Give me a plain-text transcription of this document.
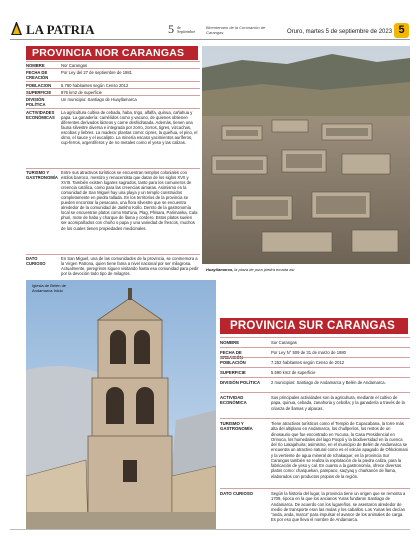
LA PATRIA	5 de Septiembre
Bicentenario de la Coronación de Carangas	Oruro, martes 5 de septiembre de 2023 5
PROVINCIA NOR CARANGAS
NOMBRE	Nor Carangas
FECHA DE CREACIÓN
Por Ley del 27 de septiembre de 1981
POBLACION	5.760 habitantes según Censo 2012
SUPERFICIE	876 km2 de superficie
DIVISIÓN POLÍTICA
Un municipio: Santiago de Huayllamarca
ACTIVIDADES ECONÓMICAS
La agricultura cultiva de cebada, haba, trigo, alfalfa, quinua, cañahua y papa. La ganadería: camélidos como y vacuno, de quienes obtienen diferentes derivados lácteos y carne deshidratada. Además, tienen una fauna silvestre diversa e integrada por zorro, zorros, tigres, vizcachas, escobas y liebres. La madera: plantas como: cipres, la queñua, el pino, el olmo, el sauce y el eucalipto. La minería escaso yacimientos auríferos, cup-ferros, argentíferos y de no metales como el yeso y las calizas.
TURISMO Y GASTRONOMÍA
Entre sus atractivos turísticos se encuentran templos coloniales con estilos barroco, mestizo y renacentista que datan de los siglos XVII y XVIII. También existen lugares sagrados, tanto para los comuneros de creencia católica, como para las creencias aimaras. Asimismo en la comunidad de San Miguel hay una playa y un templo construidos completamente en piedra tallada. En los territorios de la provincia se pueden encontrar la pesacana, una flora silvestre que se encuentra alrededor de la comunidad de Jankho Kollo. Dentro de la gastronomía local se encuentran platos como Mut'una, Plag, Phisara, Parimanka, Cala phuri, mote de haba y charque de llama y cordero. Estos platos suelen ser acompañados con chuño o papa y una variedad de frescos, muchos de los cuales tienen propiedades medicinales.
DATO CURIOSO
En San Miguel, una de las comunidades de la provincia, se conmemora a la Virgen Patrona, quien tiene fama a nivel nacional por ser milagrosa. Actualmente, peregrinos siguen visitando hasta esa comunidad para pedir por la devoción todo tipo de milagros.
Huayllamarca, la plaza de pura piedra tocada así
Iglesia de Belén de Andamarca Inicio
PROVINCIA SUR CARANGAS
NOMBRE	Sur Carangas
FECHA DE CREACIÓN
Por Ley N° 509 de 31 de marzo de 1980
POBLACIÓN	7.252 habitantes según Censo de 2012
SUPERFICIE	5.590 km2 de superficie
DIVISIÓN POLÍTICA	2 municipios: Santiago de Andamarca y Belén de Andamarca.
ACTIVIDAD ECONÓMICA
Sus principales actividades son la agricultura, mediante el cultivo de papa, quinua, cebada, zanahoria y cebolla; y la ganadería a través de la crianza de llamas y alpacas.
TURISMO Y GASTRONOMÍA
Tiene atractivos turísticos como el Templo de Copacabana, la torre más alta del altiplano en Andamarca, los chullperíos, los restos de un dinosaurio que fue encontrado en Yucuna, la Casa Presidencial en Orinoca, los humedales del lago Poopó y la biodiversidad en la cuenca del río Lakajahuira; asimismo, en el municipio de Belén de Andamarca se encuentra un atractivo natural como es el volcán apagado de Ohkolomani y la vertiente de agua mineral de Ichakaque; en la provincia Sur Carangas también se realiza la explotación de la piedra caliza, para la fabricación de yeso y cal. En cuanto a la gastronomía, ofrece diversos platos como: charquekan, pampaco, saq'yaq y charkanón de llama, elaborados con productos propios de la región.
DATO CURIOSO	Según la historia del lugar, la provincia tiene un origen que se remonta a 1709, época en la que los ancianos Yuras fundaron Santiago de Andamarca. De acuerdo con los lugareños, se asentaron alrededor de medio de transporte eran las mulas y los caballos. Los Yunas les decían "anda, anda, marca" para impulsar el avance de los animales de carga. Es por eso que lleva el nombre de Andamarca.
